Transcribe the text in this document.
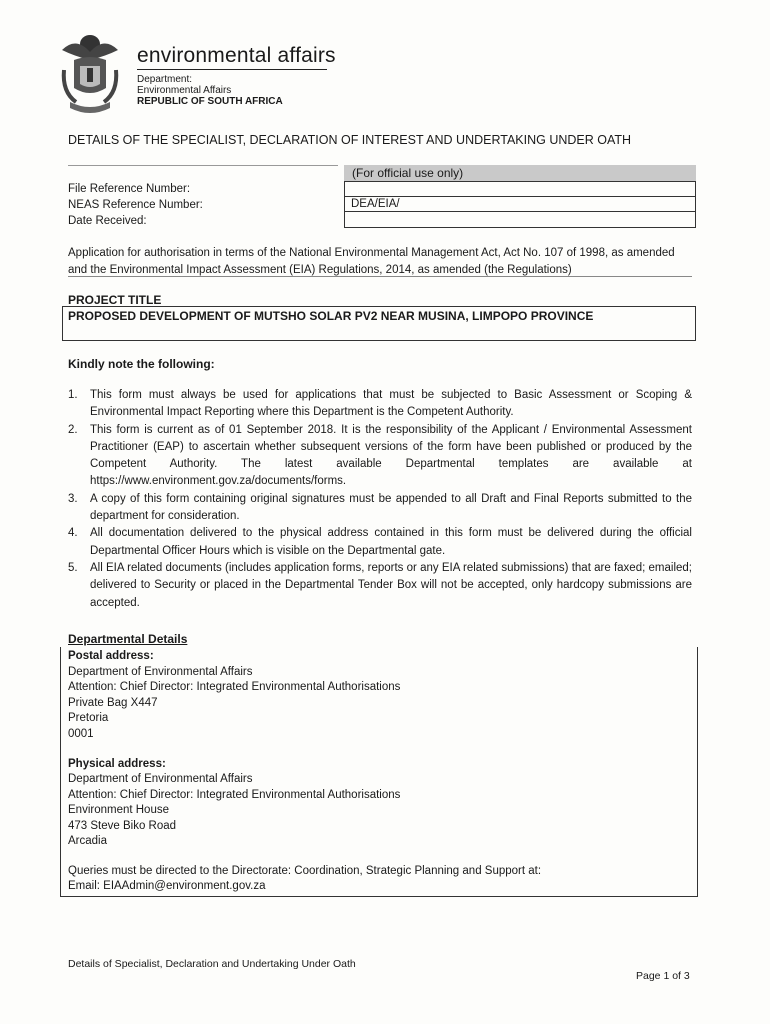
environmental affairs
Department:
Environmental Affairs
REPUBLIC OF SOUTH AFRICA
DETAILS OF THE SPECIALIST, DECLARATION OF INTEREST AND UNDERTAKING UNDER OATH
(For official use only)
DEA/EIA/
File Reference Number:
NEAS Reference Number:
Date Received:
Application for authorisation in terms of the National Environmental Management Act, Act No. 107 of 1998, as amended and the Environmental Impact Assessment (EIA) Regulations, 2014, as amended (the Regulations)
PROJECT TITLE
PROPOSED DEVELOPMENT OF MUTSHO SOLAR PV2 NEAR MUSINA, LIMPOPO PROVINCE
Kindly note the following:
1. This form must always be used for applications that must be subjected to Basic Assessment or Scoping & Environmental Impact Reporting where this Department is the Competent Authority.
2. This form is current as of 01 September 2018. It is the responsibility of the Applicant / Environmental Assessment Practitioner (EAP) to ascertain whether subsequent versions of the form have been published or produced by the Competent Authority. The latest available Departmental templates are available at https://www.environment.gov.za/documents/forms.
3. A copy of this form containing original signatures must be appended to all Draft and Final Reports submitted to the department for consideration.
4. All documentation delivered to the physical address contained in this form must be delivered during the official Departmental Officer Hours which is visible on the Departmental gate.
5. All EIA related documents (includes application forms, reports or any EIA related submissions) that are faxed; emailed; delivered to Security or placed in the Departmental Tender Box will not be accepted, only hardcopy submissions are accepted.
Departmental Details
Postal address:
Department of Environmental Affairs
Attention: Chief Director: Integrated Environmental Authorisations
Private Bag X447
Pretoria
0001
Physical address:
Department of Environmental Affairs
Attention: Chief Director: Integrated Environmental Authorisations
Environment House
473 Steve Biko Road
Arcadia
Queries must be directed to the Directorate: Coordination, Strategic Planning and Support at:
Email: EIAAdmin@environment.gov.za
Details of Specialist, Declaration and Undertaking Under Oath
Page 1 of 3
